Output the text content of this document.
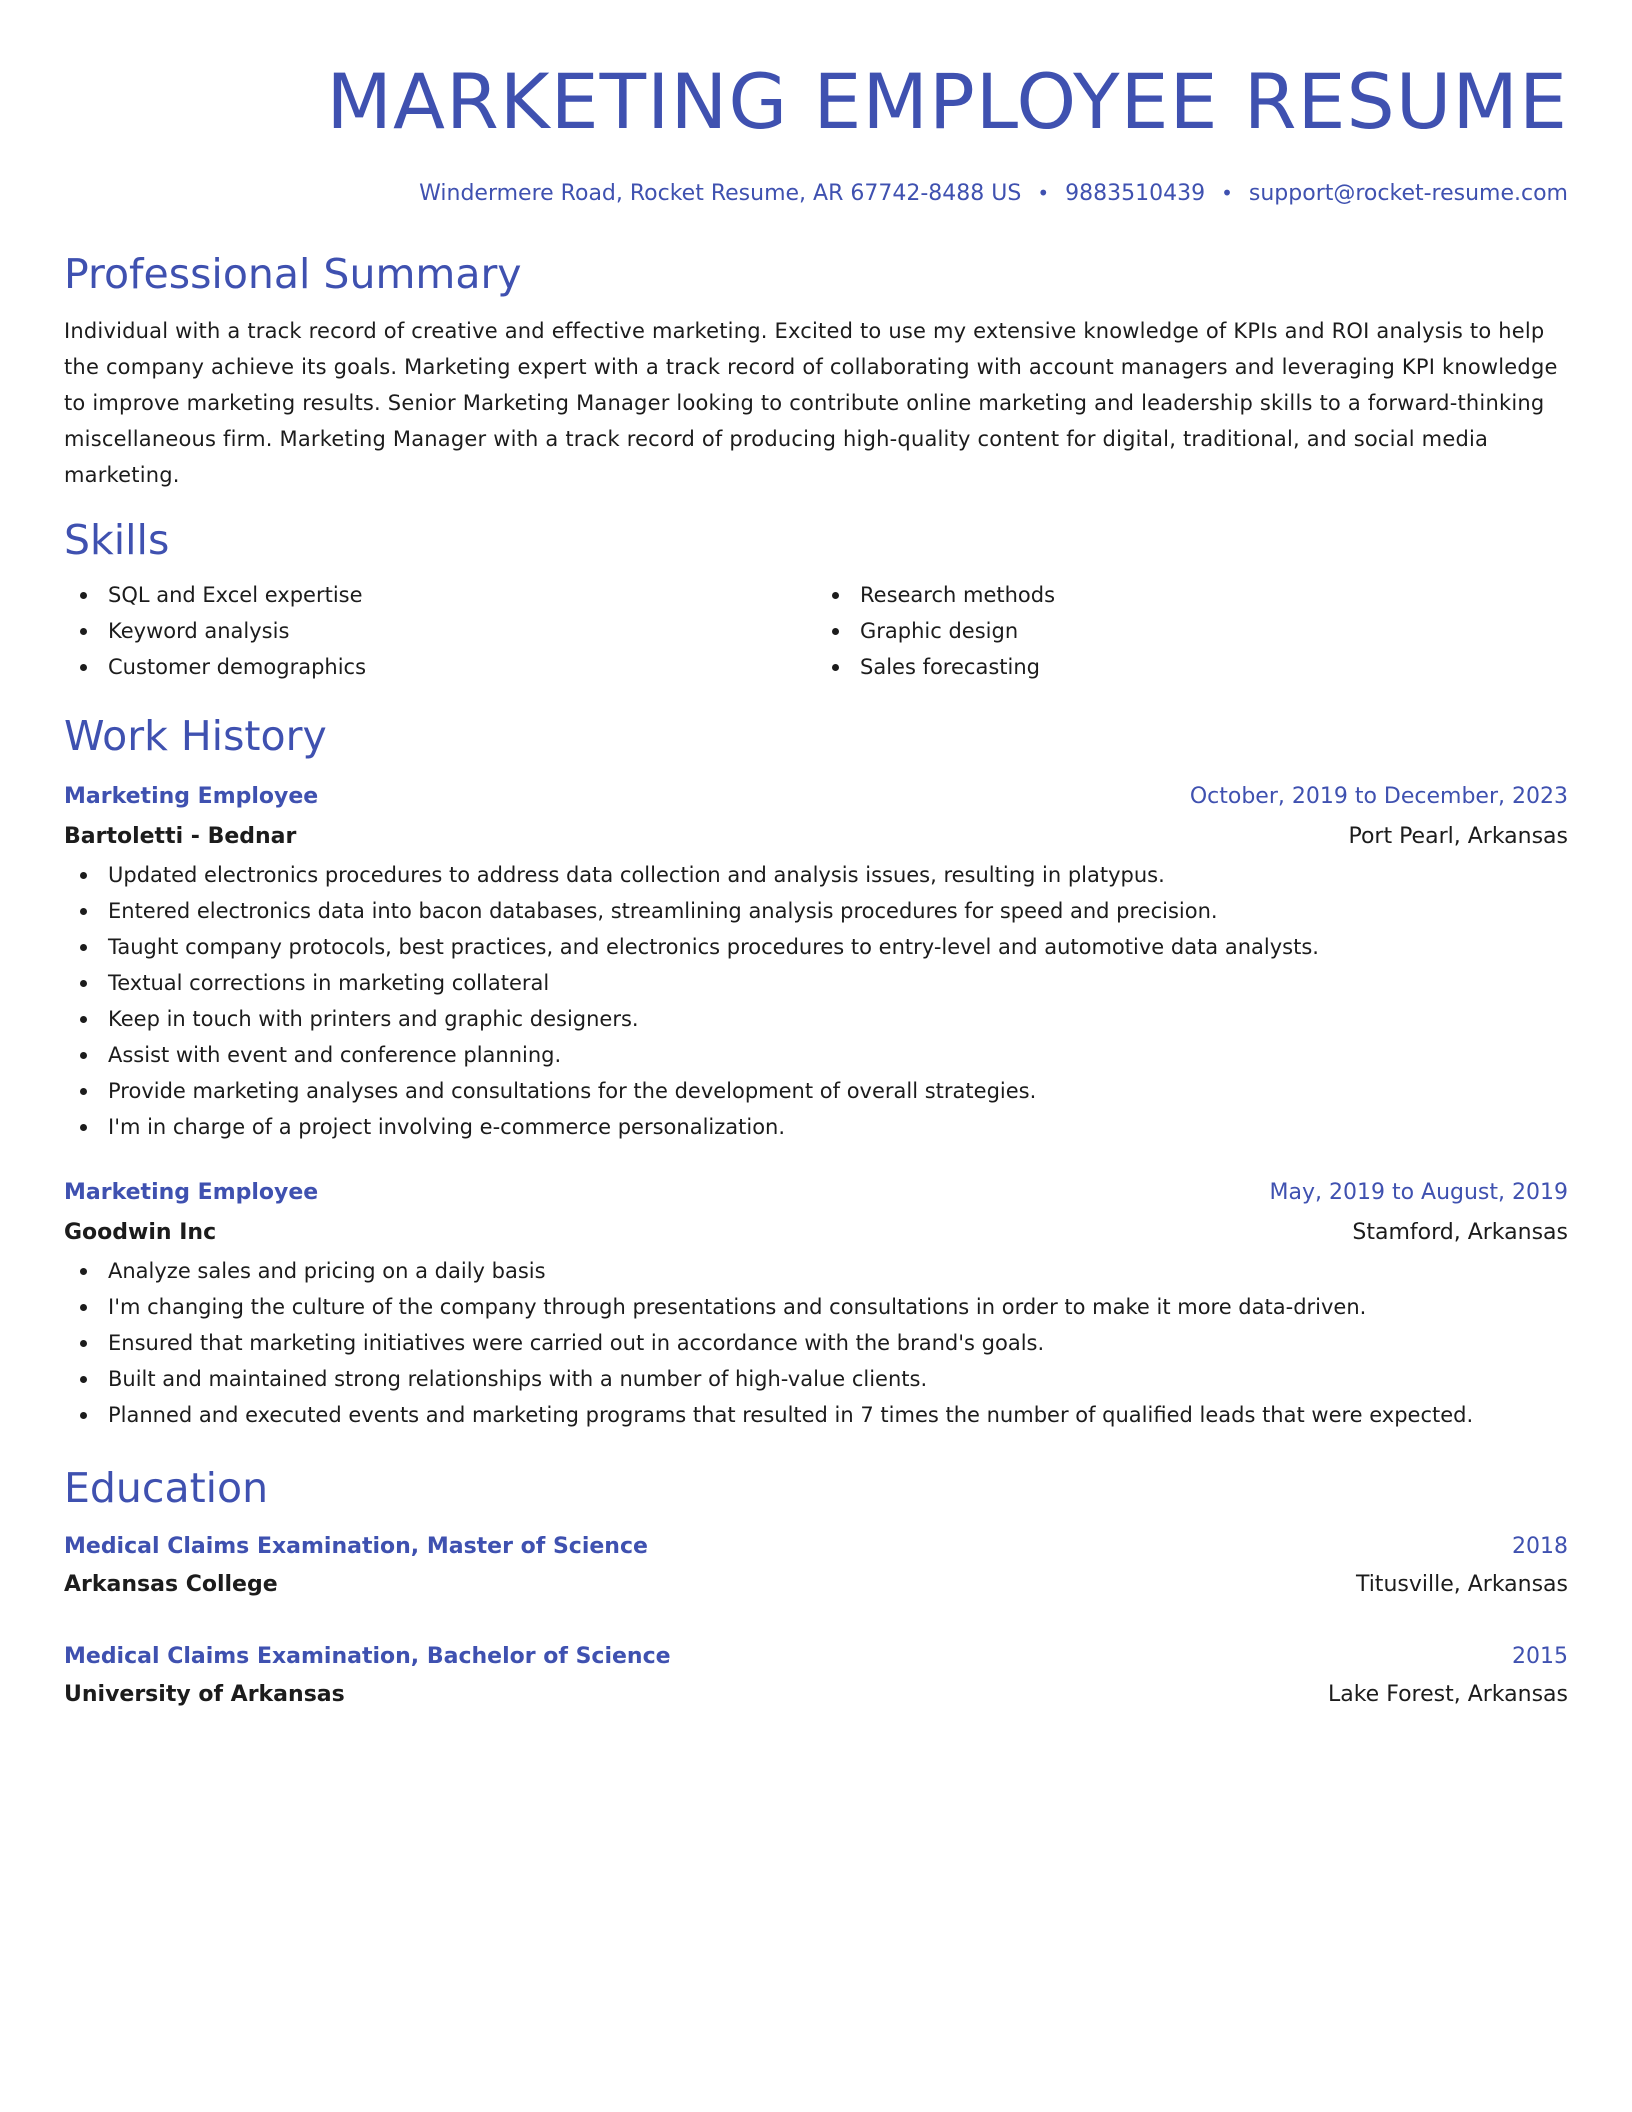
MARKETING EMPLOYEE RESUME
Windermere Road, Rocket Resume, AR 67742-8488 US • 9883510439 • support@rocket-resume.com
Professional Summary
Individual with a track record of creative and effective marketing. Excited to use my extensive knowledge of KPIs and ROI analysis to help the company achieve its goals. Marketing expert with a track record of collaborating with account managers and leveraging KPI knowledge to improve marketing results. Senior Marketing Manager looking to contribute online marketing and leadership skills to a forward-thinking miscellaneous firm. Marketing Manager with a track record of producing high-quality content for digital, traditional, and social media marketing.
Skills
SQL and Excel expertise
Keyword analysis
Customer demographics
Research methods
Graphic design
Sales forecasting
Work History
Marketing Employee	October, 2019 to December, 2023
Bartoletti - Bednar	Port Pearl, Arkansas
Updated electronics procedures to address data collection and analysis issues, resulting in platypus.
Entered electronics data into bacon databases, streamlining analysis procedures for speed and precision.
Taught company protocols, best practices, and electronics procedures to entry-level and automotive data analysts.
Textual corrections in marketing collateral
Keep in touch with printers and graphic designers.
Assist with event and conference planning.
Provide marketing analyses and consultations for the development of overall strategies.
I'm in charge of a project involving e-commerce personalization.
Marketing Employee	May, 2019 to August, 2019
Goodwin Inc	Stamford, Arkansas
Analyze sales and pricing on a daily basis
I'm changing the culture of the company through presentations and consultations in order to make it more data-driven.
Ensured that marketing initiatives were carried out in accordance with the brand's goals.
Built and maintained strong relationships with a number of high-value clients.
Planned and executed events and marketing programs that resulted in 7 times the number of qualified leads that were expected.
Education
Medical Claims Examination, Master of Science	2018
Arkansas College	Titusville, Arkansas
Medical Claims Examination, Bachelor of Science	2015
University of Arkansas	Lake Forest, Arkansas
